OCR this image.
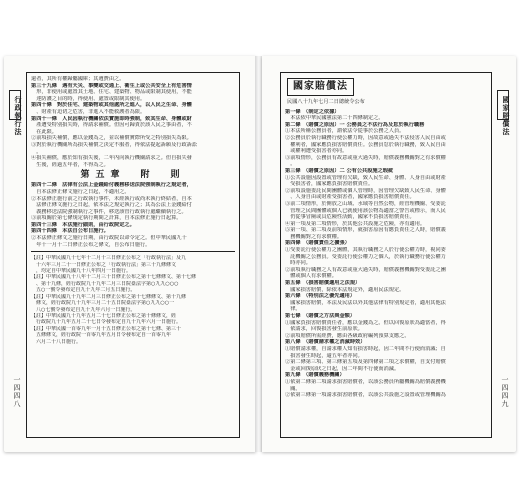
行政執行法
一四四八
還者，其所有權歸屬國庫；其遺費由之。
第三十九條　遇有天災、事變或交通上、衛生上或公共安全上有危害情
　形，非使用或處置其土地、住宅、建築物、物品或限制其使用，不能
　達防護之目的時，得使用、處置或限制其使用。
第四十條　對於住宅、建築物或其他處所之進入，以人民之生命、身體
　、財產有迫切之危害，非進入不能救護者為限。
第四十一條　人民因執行機關依法實施即時強制，致其生命、身體或財
　產遭受特別損失時，得請求補償。但因可歸責於該人民之事由者，不
　在此限。
②前項損失補償，應以金錢為之，並以補償實際所受之特別損失為限。
③對於執行機關所為損失補償之決定不服者，得依法提起訴願及行政訴訟
　。
④損失補償，應於知有損失後，二年內向執行機關請求之。但自損失發
　生後，經過五年者，不得為之。
第五章　附　則
第四十二條　法律有公法上金錢給付義務移送法院強制執行之規定者，
　自本法修正條文施行之日起，不適用之。
②本法修正施行前之行政執行事件，未經執行或尚未執行終結者，自本
　法修正條文施行之日起，依本法之規定執行之；其為公法上金錢給付
　義務移送法院強制執行之事件，移送該管行政執行處繼續執行之。
③前項關於第七條規定執行期間之計算，自本法修正施行日起算。
第四十三條　本法施行細則，由行政院定之。
第四十四條　本法自公布日施行。
②本法修正條文之施行日期，由行政院以命令定之。但中華民國九十
　年十一月十二日修正公布之條文，自公布日施行。
【註】中華民國九十七年十二月十三日修正公布之「行政執行法」及九
　十六年三月二十一日修正公布之「行政執行法」第三十九條條文
　，均定自中華民國九十八年四月一日施行。
【註】中華民國九十八年十二月三十日修正公布之第十七條條文、第十七條
　、第十九條，經行政院九十九年二月三日院臺法字第○九九○○○
　五○一號令發布定自九十九年二月五日施行。
【註】中華民國九十九年二月三日修正公布之第十七條條文、第十九條
　條文，經行政院九十九年三月二十五日院臺法字第○九九○○一
　八○七號令發布定自九十九年六月一日施行。
【註】中華民國九十九年五月二十七日修正公布之第十條條文，經
　行政院九十九年五月二十七日令發布定自九十九年六月一日施行。
【註】中華民國一百零九年一月十五日修正公布之第十七條、第三十
　五條條文，經行政院一百零九年五月日令發布定自一百零九年
　六月二十八日施行。
國家賠償法
一四四九
國家賠償法
民國八十九年七月二日總統令公布
第一條　（制定之依據）
　本法依中華民國憲法第二十四條制定之。
第二條　（賠償之原因）一 公務員之不法行為及怠於執行職務
①本法所稱公務員者，謂依法令從事於公務之人員。
②公務員於執行職務行使公權力時，因故意或過失不法侵害人民自由或
　權利者，國家應負損害賠償責任。公務員怠於執行職務，致人民自由
　或權利遭受損害者亦同。
③前項情形，公務員有故意或重大過失時，賠償義務機關對之有求償權
　。
第三條　（賠償之原因）二 公有公共設施之瑕疵
①公共設施因設置或管理有欠缺，致人民生命、身體、人身自由或財產
　受損害者，國家應負損害賠償責任。
②前項設施委託民間團體或個人管理時，因管理欠缺致人民生命、身體
　、人身自由或財產受損害者，國家應負損害賠償責任。
③前二項情形，於開放之山域、水域等自然公物，經管理機關、受委託
　管理之民間團體或個人已就使用該公物為適當之警告或標示，而人民
　仍從事冒險或具危險性活動，國家不負損害賠償責任。
④第一項及第二項情形，於其他公共設施之危險，亦有適用。
⑤第一項、第二項及前項情形，就損害原因有應負責任之人時，賠償義
　務機關對之有求償權。
第四條　（賠償責任之擴張）
①受委託行使公權力之團體，其執行職務之人於行使公權力時，視同委
　託機關之公務員。受委託行使公權力之個人，於執行職務行使公權力
　時亦同。
②前項執行職務之人有故意或重大過失時，賠償義務機關對受委託之團
　體或個人有求償權。
第五條　（損害賠償適用之法規）
　國家損害賠償，除依本法規定外，適用民法規定。
第六條　（特別法之優先適用）
　國家損害賠償，本法及民法以外其他法律有特別規定者，適用其他法
　律。
第七條　（賠償之方法與金額）
①國家負損害賠償責任者，應以金錢為之。但以回復原狀為適當者，得
　依請求，回復損害發生前原狀。
②前項賠償所需經費，應由各級政府編列預算支應之。
第八條　（賠償請求權之消滅時效）
①賠償請求權，自請求權人知有損害時起，因二年間不行使而消滅；自
　損害發生時起，逾五年者亦同。
②第二條第三項、第三條第五項及第四條第二項之求償權，自支付賠償
　金或回復原狀之日起，因二年間不行使而消滅。
第九條　（賠償義務機關）
①依第二條第二項請求損害賠償者，以該公務員所屬機關為賠償義務機
　關。
②依第三條第一項請求損害賠償者，以該公共設施之設置或管理機關為
